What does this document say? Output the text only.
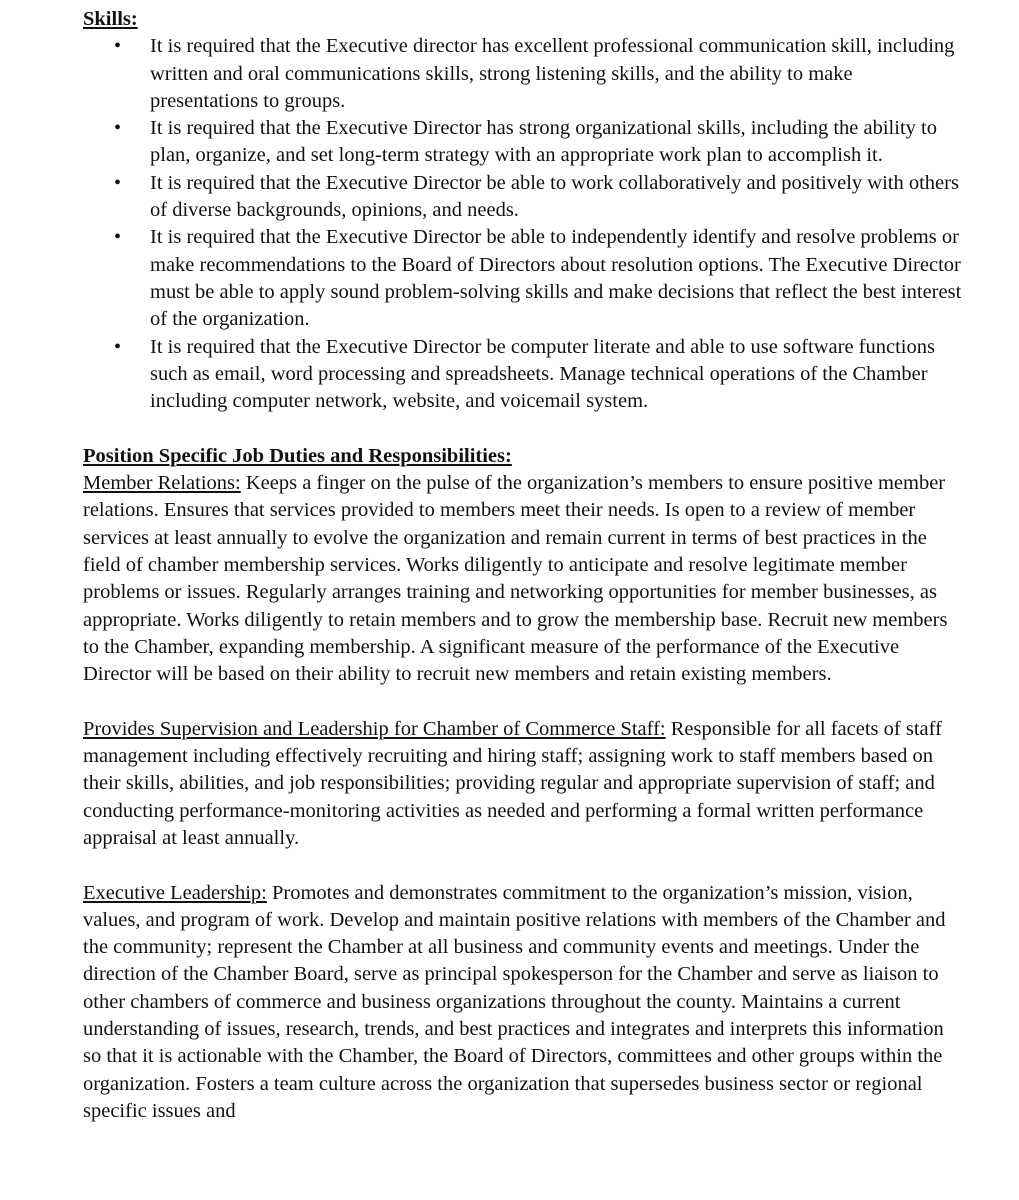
Skills:

• It is required that the Executive director has excellent professional communication skill, including written and oral communications skills, strong listening skills, and the ability to make presentations to groups.
• It is required that the Executive Director has strong organizational skills, including the ability to plan, organize, and set long-term strategy with an appropriate work plan to accomplish it.
• It is required that the Executive Director be able to work collaboratively and positively with others of diverse backgrounds, opinions, and needs.
• It is required that the Executive Director be able to independently identify and resolve problems or make recommendations to the Board of Directors about resolution options. The Executive Director must be able to apply sound problem-solving skills and make decisions that reflect the best interest of the organization.
• It is required that the Executive Director be computer literate and able to use software functions such as email, word processing and spreadsheets. Manage technical operations of the Chamber including computer network, website, and voicemail system.

Position Specific Job Duties and Responsibilities:

Member Relations: Keeps a finger on the pulse of the organization’s members to ensure positive member relations. Ensures that services provided to members meet their needs. Is open to a review of member services at least annually to evolve the organization and remain current in terms of best practices in the field of chamber membership services. Works diligently to anticipate and resolve legitimate member problems or issues. Regularly arranges training and networking opportunities for member businesses, as appropriate. Works diligently to retain members and to grow the membership base. Recruit new members to the Chamber, expanding membership. A significant measure of the performance of the Executive Director will be based on their ability to recruit new members and retain existing members.

Provides Supervision and Leadership for Chamber of Commerce Staff: Responsible for all facets of staff management including effectively recruiting and hiring staff; assigning work to staff members based on their skills, abilities, and job responsibilities; providing regular and appropriate supervision of staff; and conducting performance-monitoring activities as needed and performing a formal written performance appraisal at least annually.

Executive Leadership: Promotes and demonstrates commitment to the organization’s mission, vision, values, and program of work. Develop and maintain positive relations with members of the Chamber and the community; represent the Chamber at all business and community events and meetings. Under the direction of the Chamber Board, serve as principal spokesperson for the Chamber and serve as liaison to other chambers of commerce and business organizations throughout the county. Maintains a current understanding of issues, research, trends, and best practices and integrates and interprets this information so that it is actionable with the Chamber, the Board of Directors, committees and other groups within the organization. Fosters a team culture across the organization that supersedes business sector or regional specific issues and
